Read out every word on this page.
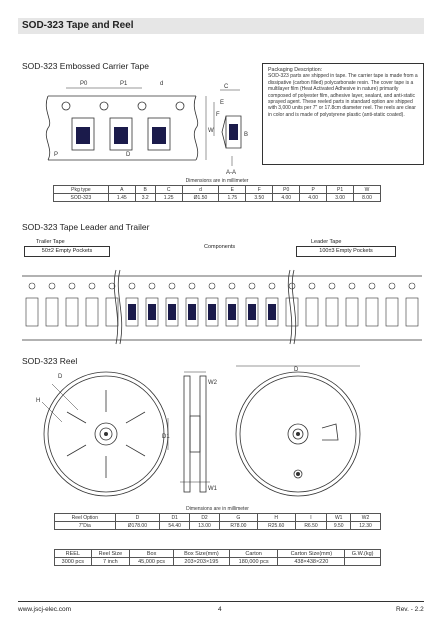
SOD-323 Tape and Reel
SOD-323 Embossed Carrier Tape
P0	P1	d
P
W
F
E
C
B
D
A-A

Packaging Description:

SOD-323 parts are shipped in tape. The carrier tape is made from a dissipative (carbon filled) polycarbonate resin. The cover tape is a multilayer film (Heat Activated Adhesive in nature) primarily composed of polyester film, adhesive layer, sealant, and anti-static sprayed agent. These reeled parts in standard option are shipped with 3,000 units per 7" or 17.8cm diameter reel. The reels are clear in color and is made of polystyrene plastic (anti-static coated).

Dimensions are in millimeter										
Pkg type	A	B	C	d	E	F	P0	P	P1	W
SOD-323	1.45	3.2	1.25	Ø1.50	1.75	3.50	4.00	4.00	3.00	8.00
SOD-323 Tape Leader and Trailer
Trailer Tape
50±2 Empty Pockets
Components
Leader Tape
100±3 Empty Pockets
SOD-323 Reel
D
H
W2
D1
W1
D
Dimensions are in millimeter								
Reel Option	D	D1	D2	G	H	I	W1	W2
7"Dia	Ø178.00	54.40	13.00	R78.00	R25.60	R6.50	9.50	12.30
REEL	Reel Size	Box	Box Size(mm)	Carton	Carton Size(mm)	G.W.(kg)
3000 pcs	7 inch	45,000 pcs	203×203×195	180,000 pcs	438×438×220	
www.jscj-elec.com	4	Rev. - 2.2
